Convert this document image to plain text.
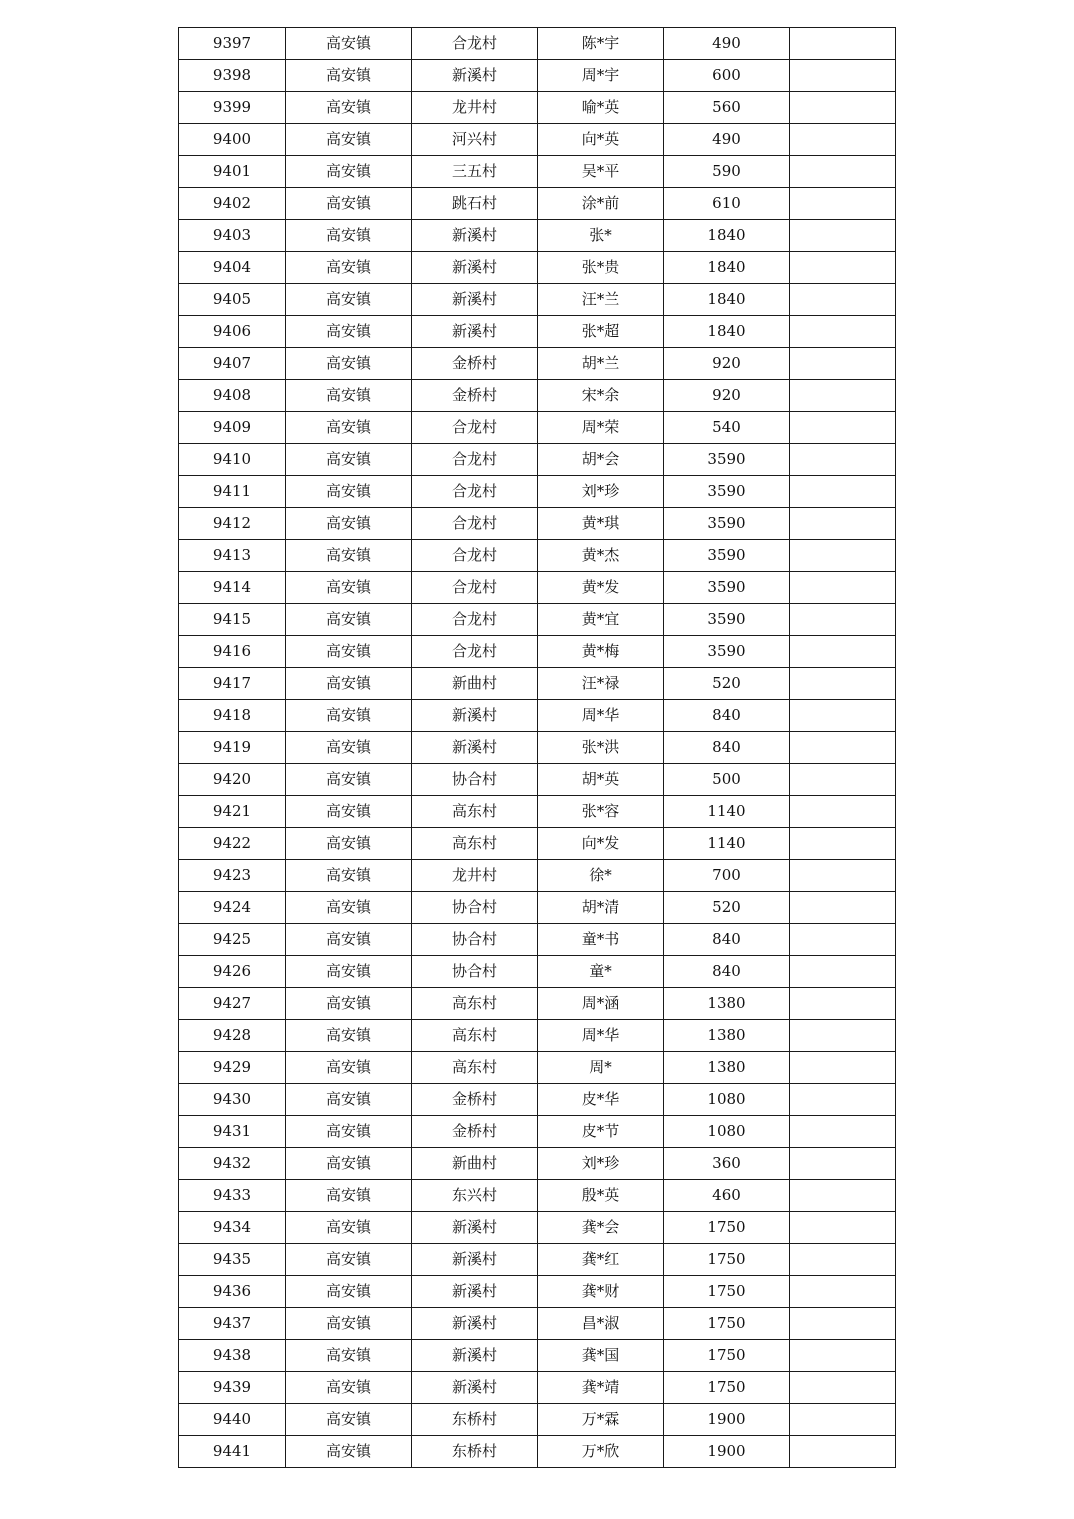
9397	高安镇	合龙村	陈*宇	490	
9398	高安镇	新溪村	周*宇	600	
9399	高安镇	龙井村	喻*英	560	
9400	高安镇	河兴村	向*英	490	
9401	高安镇	三五村	吴*平	590	
9402	高安镇	跳石村	涂*前	610	
9403	高安镇	新溪村	张*	1840	
9404	高安镇	新溪村	张*贵	1840	
9405	高安镇	新溪村	汪*兰	1840	
9406	高安镇	新溪村	张*超	1840	
9407	高安镇	金桥村	胡*兰	920	
9408	高安镇	金桥村	宋*余	920	
9409	高安镇	合龙村	周*荣	540	
9410	高安镇	合龙村	胡*会	3590	
9411	高安镇	合龙村	刘*珍	3590	
9412	高安镇	合龙村	黄*琪	3590	
9413	高安镇	合龙村	黄*杰	3590	
9414	高安镇	合龙村	黄*发	3590	
9415	高安镇	合龙村	黄*宜	3590	
9416	高安镇	合龙村	黄*梅	3590	
9417	高安镇	新曲村	汪*禄	520	
9418	高安镇	新溪村	周*华	840	
9419	高安镇	新溪村	张*洪	840	
9420	高安镇	协合村	胡*英	500	
9421	高安镇	高东村	张*容	1140	
9422	高安镇	高东村	向*发	1140	
9423	高安镇	龙井村	徐*	700	
9424	高安镇	协合村	胡*清	520	
9425	高安镇	协合村	童*书	840	
9426	高安镇	协合村	童*	840	
9427	高安镇	高东村	周*涵	1380	
9428	高安镇	高东村	周*华	1380	
9429	高安镇	高东村	周*	1380	
9430	高安镇	金桥村	皮*华	1080	
9431	高安镇	金桥村	皮*节	1080	
9432	高安镇	新曲村	刘*珍	360	
9433	高安镇	东兴村	殷*英	460	
9434	高安镇	新溪村	龚*会	1750	
9435	高安镇	新溪村	龚*红	1750	
9436	高安镇	新溪村	龚*财	1750	
9437	高安镇	新溪村	昌*淑	1750	
9438	高安镇	新溪村	龚*国	1750	
9439	高安镇	新溪村	龚*靖	1750	
9440	高安镇	东桥村	万*霖	1900	
9441	高安镇	东桥村	万*欣	1900	
